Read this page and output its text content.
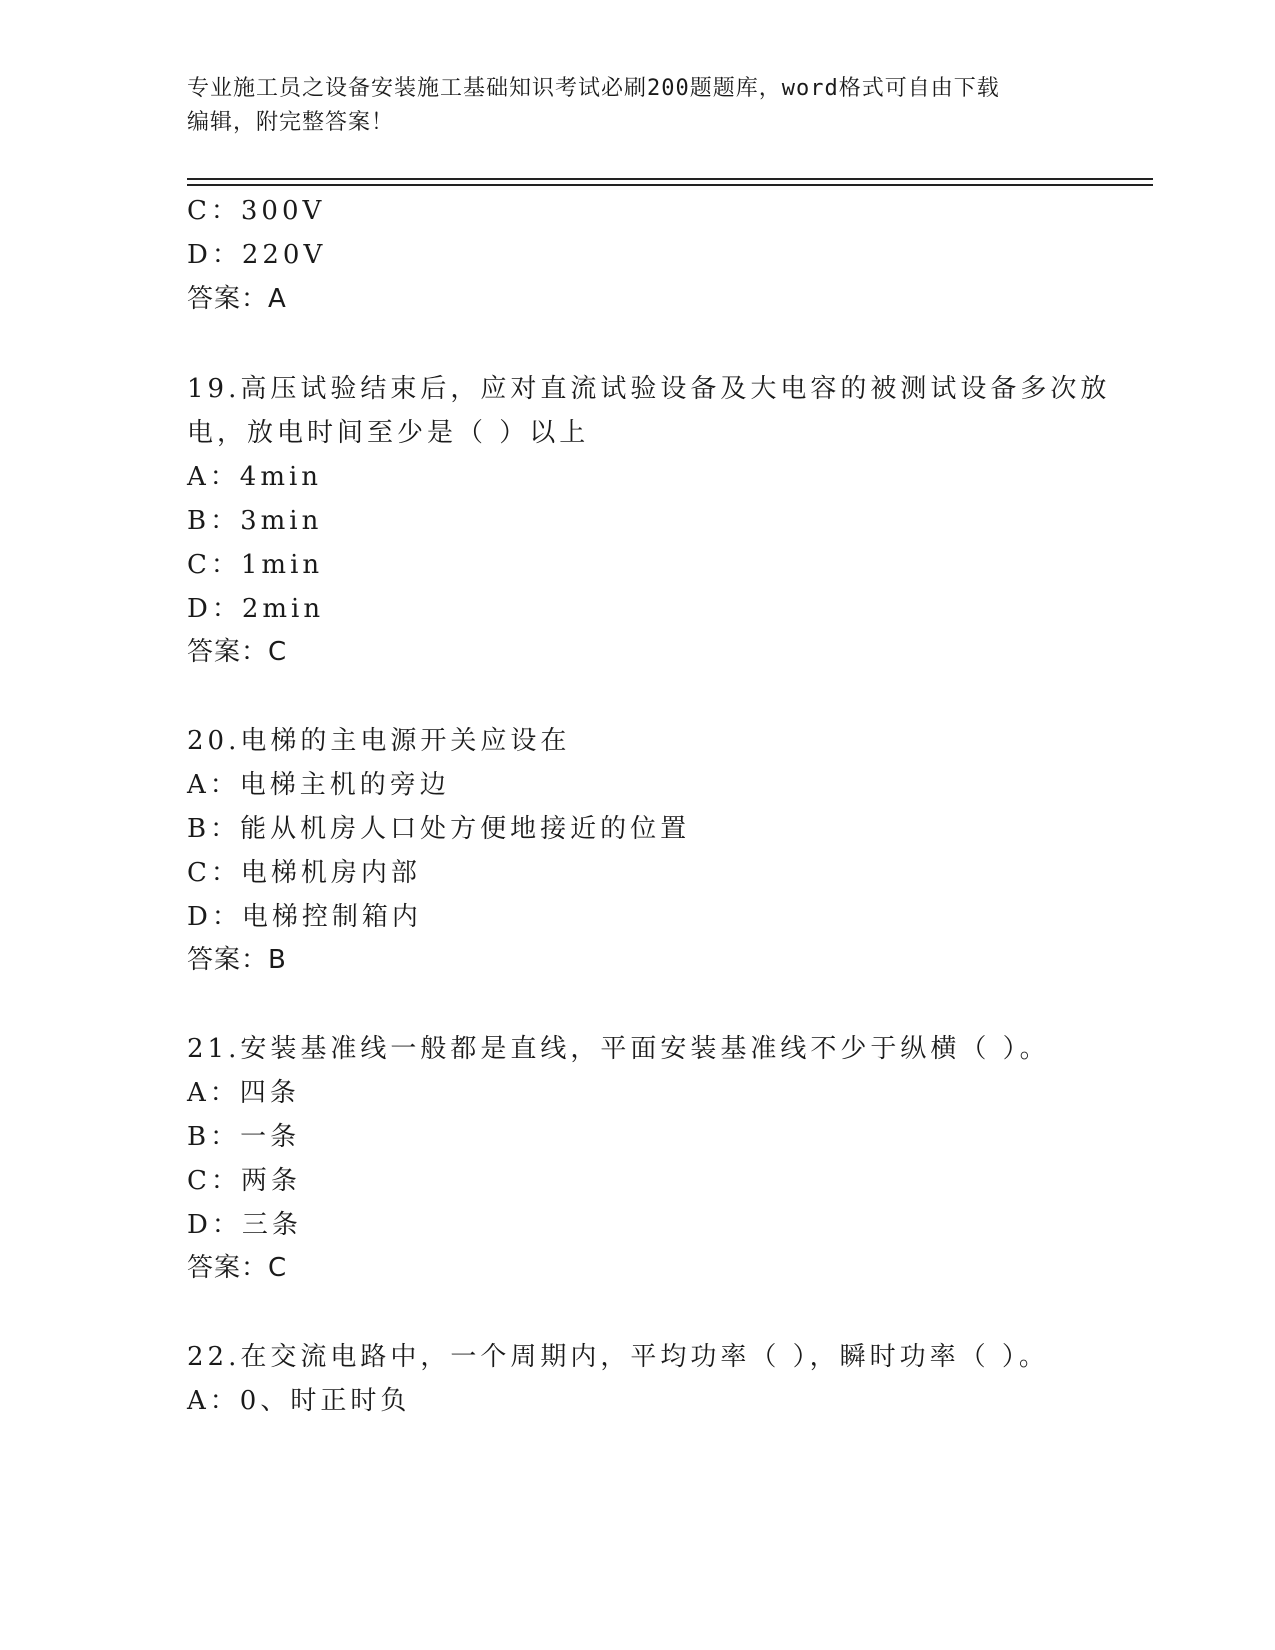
专业施工员之设备安装施工基础知识考试必刷200题题库，word格式可自由下载
编辑，附完整答案！
C：300V
D：220V
答案：A
19.高压试验结束后，应对直流试验设备及大电容的被测试设备多次放
电，放电时间至少是（ ）以上
A：4min
B：3min
C：1min
D：2min
答案：C
20.电梯的主电源开关应设在
A：电梯主机的旁边
B：能从机房人口处方便地接近的位置
C：电梯机房内部
D：电梯控制箱内
答案：B
21.安装基准线一般都是直线，平面安装基准线不少于纵横（ ）。
A：四条
B：一条
C：两条
D：三条
答案：C
22.在交流电路中，一个周期内，平均功率（ ），瞬时功率（ ）。
A：0、时正时负
